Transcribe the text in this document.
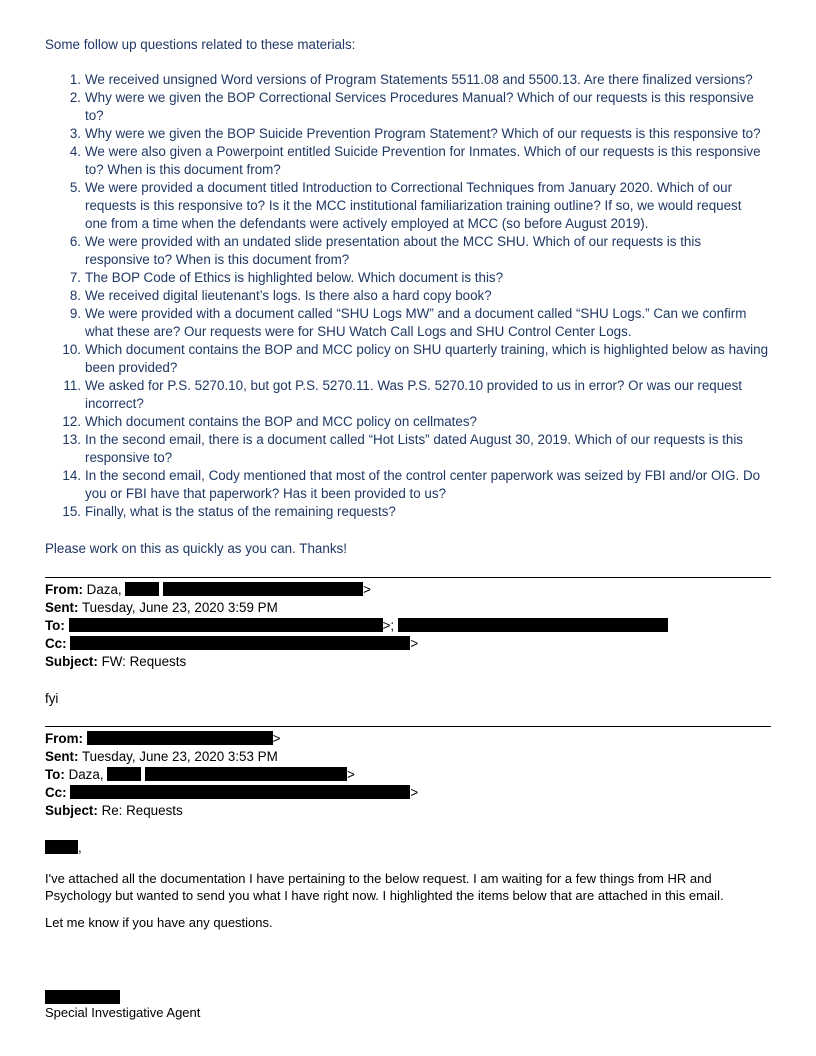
Some follow up questions related to these materials:
1. We received unsigned Word versions of Program Statements 5511.08 and 5500.13. Are there finalized versions?
2. Why were we given the BOP Correctional Services Procedures Manual? Which of our requests is this responsive
to?
3. Why were we given the BOP Suicide Prevention Program Statement? Which of our requests is this responsive to?
4. We were also given a Powerpoint entitled Suicide Prevention for Inmates. Which of our requests is this responsive
to? When is this document from?
5. We were provided a document titled Introduction to Correctional Techniques from January 2020. Which of our
requests is this responsive to? Is it the MCC institutional familiarization training outline? If so, we would request
one from a time when the defendants were actively employed at MCC (so before August 2019).
6. We were provided with an undated slide presentation about the MCC SHU. Which of our requests is this
responsive to? When is this document from?
7. The BOP Code of Ethics is highlighted below. Which document is this?
8. We received digital lieutenant’s logs. Is there also a hard copy book?
9. We were provided with a document called “SHU Logs MW” and a document called “SHU Logs.” Can we confirm
what these are? Our requests were for SHU Watch Call Logs and SHU Control Center Logs.
10. Which document contains the BOP and MCC policy on SHU quarterly training, which is highlighted below as having
been provided?
11. We asked for P.S. 5270.10, but got P.S. 5270.11. Was P.S. 5270.10 provided to us in error? Or was our request
incorrect?
12. Which document contains the BOP and MCC policy on cellmates?
13. In the second email, there is a document called “Hot Lists” dated August 30, 2019. Which of our requests is this
responsive to?
14. In the second email, Cody mentioned that most of the control center paperwork was seized by FBI and/or OIG. Do
you or FBI have that paperwork? Has it been provided to us?
15. Finally, what is the status of the remaining requests?
Please work on this as quickly as you can. Thanks!
From: Daza,	>
Sent: Tuesday, June 23, 2020 3:59 PM
To:	>;
Cc:	>
Subject: FW: Requests
fyi
From:	>
Sent: Tuesday, June 23, 2020 3:53 PM
To: Daza,	>
Cc:	>
Subject: Re: Requests
,
I've attached all the documentation I have pertaining to the below request. I am waiting for a few things from HR and
Psychology but wanted to send you what I have right now. I highlighted the items below that are attached in this email.
Let me know if you have any questions.
Special Investigative Agent
